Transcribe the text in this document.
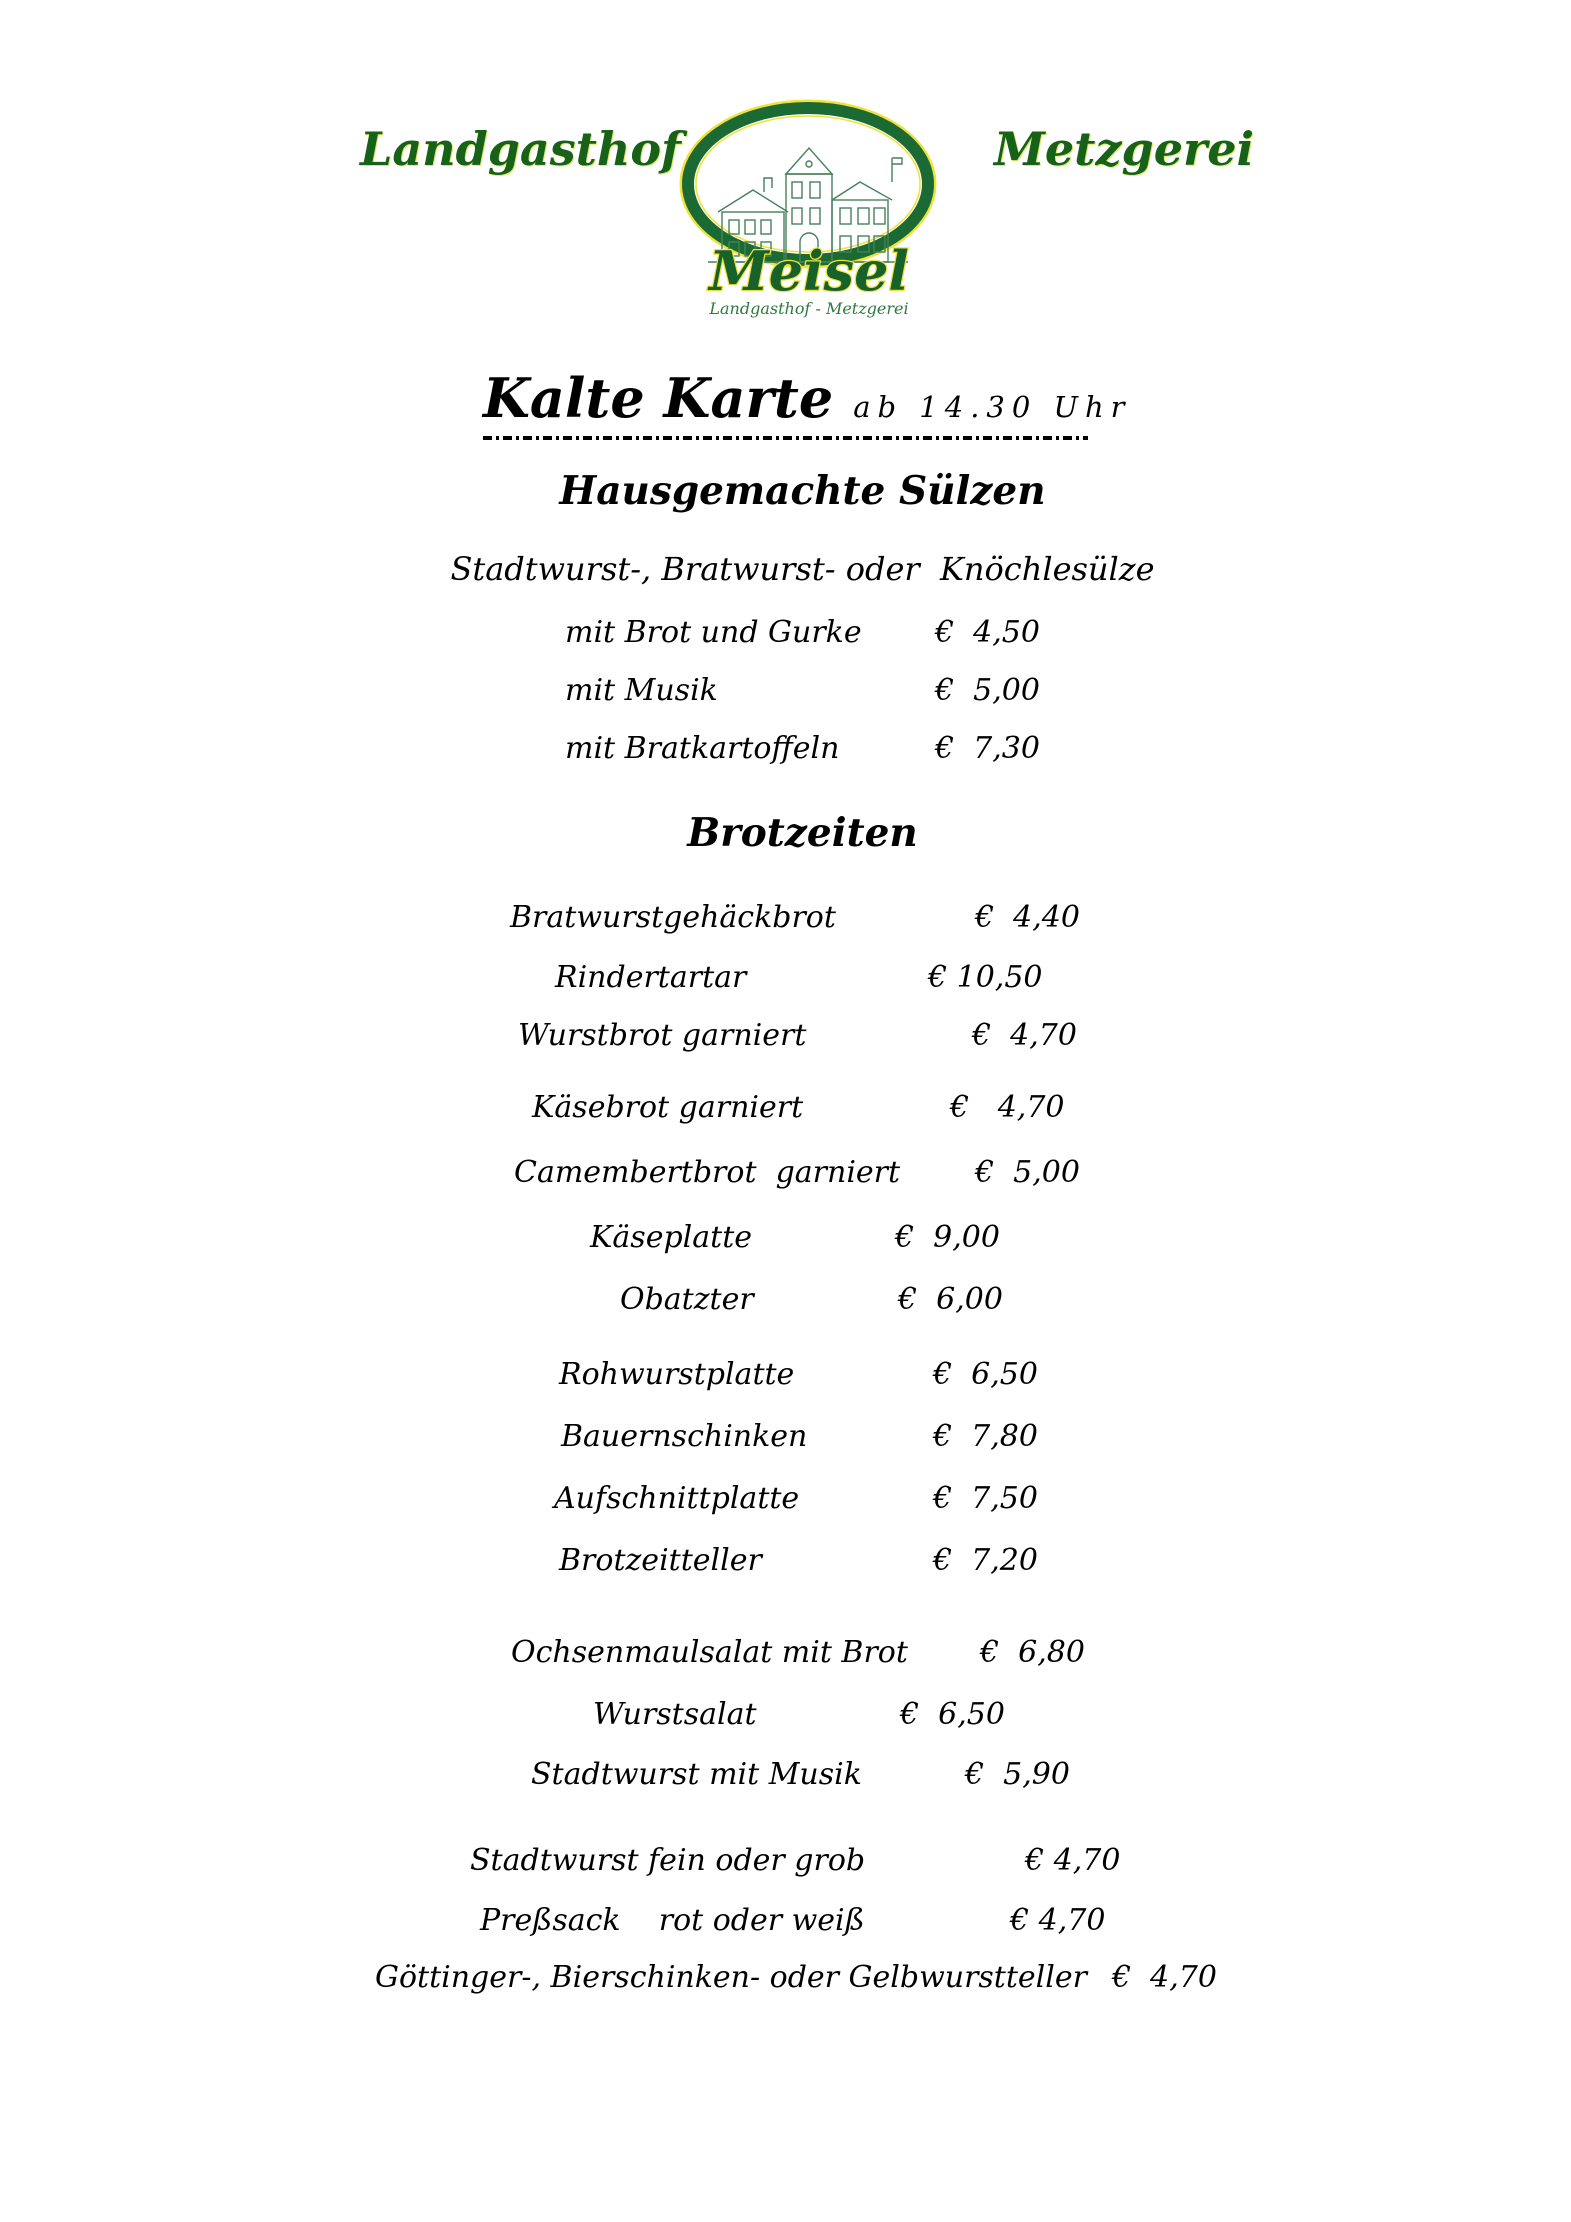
Landgasthof	Metzgerei
Meisel
Landgasthof - Metzgerei
Kalte Karte ab 14.30 Uhr
Hausgemachte Sülzen
Stadtwurst-, Bratwurst- oder  Knöchlesülze
mit Brot und Gurke €  4,50
mit Musik	€  5,00
mit Bratkartoffeln	€  7,30
Brotzeiten
Bratwurstgehäckbrot	€  4,40
Rindertartar	€ 10,50
Wurstbrot garniert	€  4,70
Käsebrot garniert	€   4,70
Camembertbrot  garniert €  5,00
Käseplatte	€  9,00
Obatzter	€  6,00
Rohwurstplatte	€  6,50
Bauernschinken	€  7,80
Aufschnittplatte	€  7,50
Brotzeitteller	€  7,20
Ochsenmaulsalat mit Brot €  6,80
Wurstsalat	€  6,50
Stadtwurst mit Musik	€  5,90
Stadtwurst fein oder grob	€ 4,70
Preßsack    rot oder weiß	€ 4,70
Göttinger-, Bierschinken- oder Gelbwurstteller €  4,70
